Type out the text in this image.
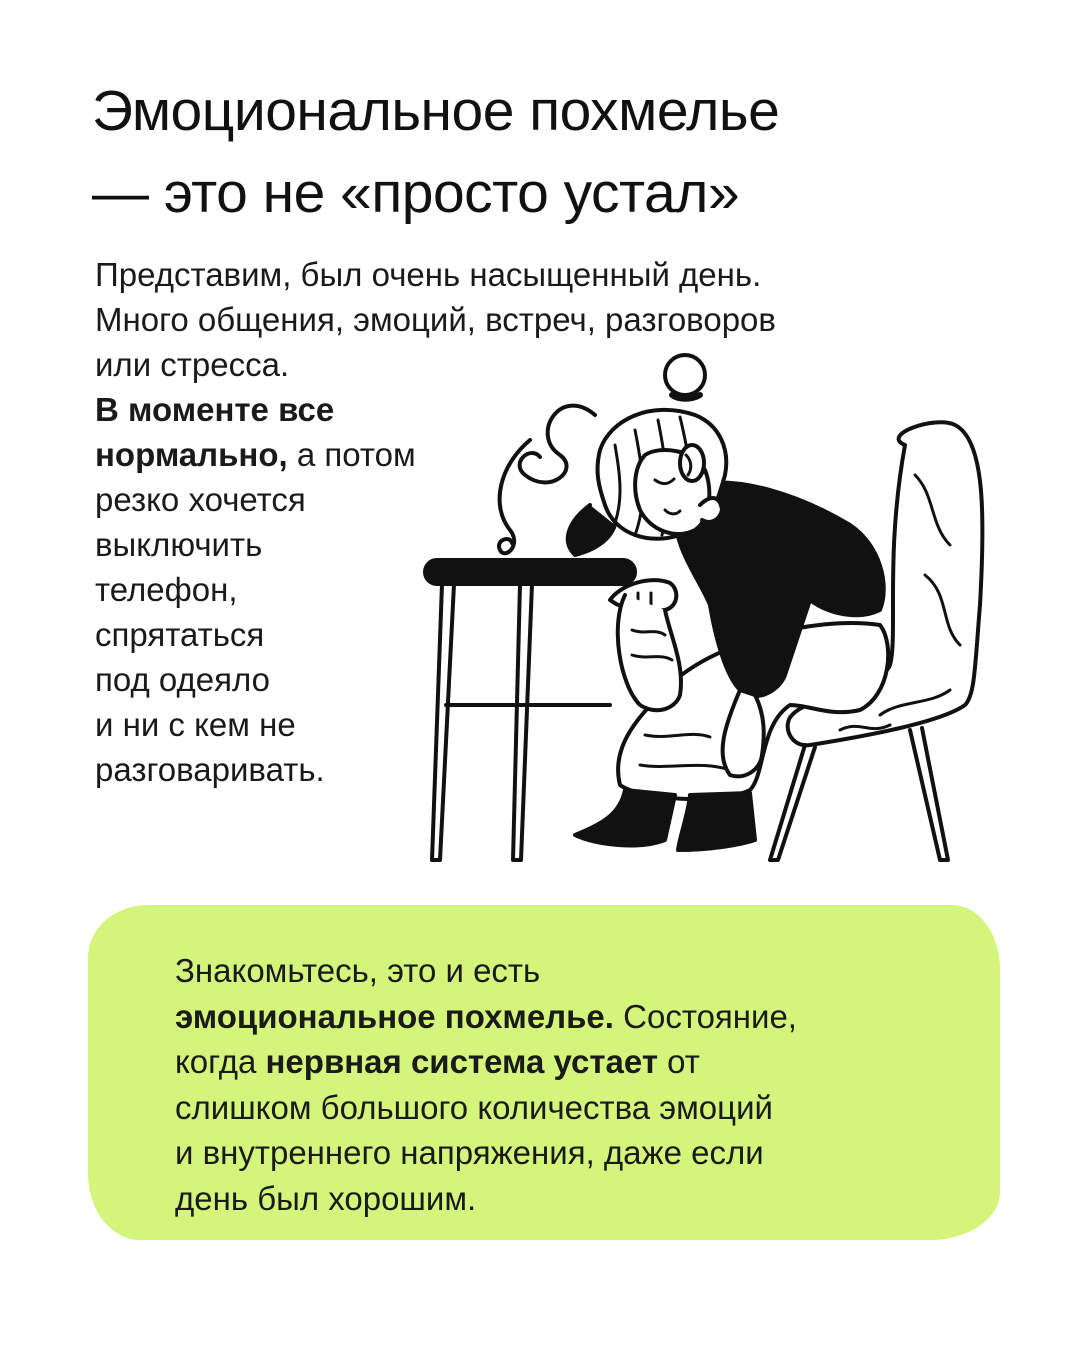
Эмоциональное похмелье
— это не «просто устал»
Представим, был очень насыщенный день.
Много общения, эмоций, встреч, разговоров
или стресса.
В моменте все
нормально, а потом
резко хочется
выключить
телефон,
спрятаться
под одеяло
и ни с кем не
разговаривать.
Знакомьтесь, это и есть
эмоциональное похмелье. Состояние,
когда нервная система устает от
слишком большого количества эмоций
и внутреннего напряжения, даже если
день был хорошим.
